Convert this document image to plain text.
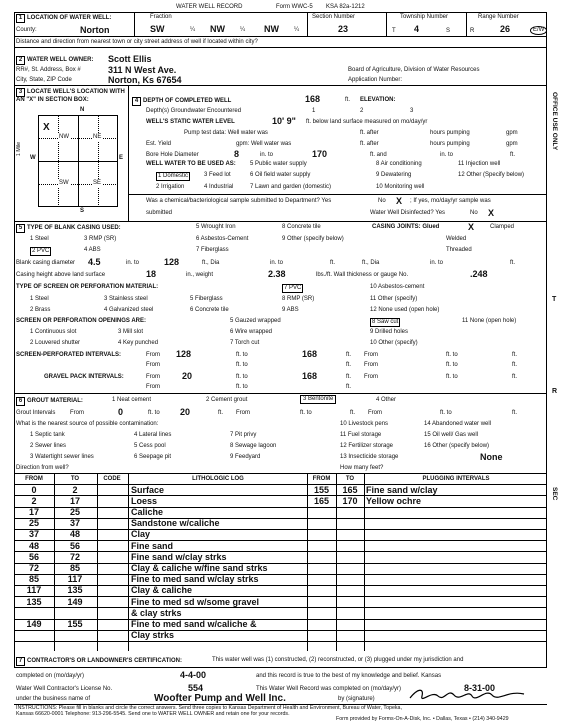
WATER WELL RECORD	Form WWC-5 KSA 82a-1212
1 LOCATION OF WATER WELL:
County:	Norton
Fraction
SW	¼ NW	¼ NW	¼
Section Number
23
Township Number
T 4	S
Range Number
R	26	E/W
Distance and direction from nearest town or city street address of well if located within city?
2 WATER WELL OWNER: Scott Ellis
RR#, St. Address, Box #	311 N West Ave.
City, State, ZIP Code	Norton, Ks 67654
Board of Agriculture, Division of Water Resources
Application Number:
3 LOCATE WELL'S LOCATION WITH AN "X" IN SECTION BOX:
N
S
W	E
1 Mile
NW	NE
SW	SE
X
4 DEPTH OF COMPLETED WELL	168	ft. ELEVATION:
Depth(s) Groundwater Encountered	1	2	3
WELL'S STATIC WATER LEVEL	10' 9" ft. below land surface measured on mo/day/yr
Pump test data: Well water was	ft. after	hours pumping	gpm
Est. Yield	gpm: Well water was	ft. after	hours pumping	gpm
Bore Hole Diameter	8	in. to	170	ft. and	in. to	ft.
WELL WATER TO BE USED AS: 5 Public water supply	8 Air conditioning	11 Injection well
1 Domestic	3 Feed lot	6 Oil field water supply	9 Dewatering	12 Other (Specify below)
2 Irrigation	4 Industrial	7 Lawn and garden (domestic)	10 Monitoring well
Was a chemical/bacteriological sample submitted to Department? Yes	No X ; If yes, mo/day/yr sample was
submitted	Water Well Disinfected? Yes	No X
5 TYPE OF BLANK CASING USED:
1 Steel	3 RMP (SR)
5 Wrought Iron	8 Concrete tile
2 PVC	4 ABS
6 Asbestos-Cement	9 Other (specify below)
7 Fiberglass
CASING JOINTS: Glued	X	Clamped
Welded
Threaded
Blank casing diameter 4.5	in. to	128	ft., Dia	in. to	ft.	ft., Dia	in. to	ft.
Casing height above land surface	18	in., weight	2.38	lbs./ft. Wall thickness or gauge No.	.248
TYPE OF SCREEN OR PERFORATION MATERIAL:
1 Steel	3 Stainless steel	5 Fiberglass
7 PVC	10 Asbestos-cement
2 Brass	4 Galvanized steel	6 Concrete tile
8 RMP (SR)	11 Other (specify)
9 ABS	12 None used (open hole)
SCREEN OR PERFORATION OPENINGS ARE:
1 Continuous slot	3 Mill slot
5 Gauzed wrapped	8 Saw cut	11 None (open hole)
2 Louvered shutter	4 Key punched
6 Wire wrapped	9 Drilled holes
7 Torch cut	10 Other (specify)
SCREEN-PERFORATED INTERVALS:	From 128	ft. to	168	ft. From	ft. to	ft.
From	ft. to	ft. From	ft. to	ft.
GRAVEL PACK INTERVALS:	From 20	ft. to	168	ft. From	ft. to	ft.
From	ft. to	ft.
6 GROUT MATERIAL:	1 Neat cement	2 Cement grout	3 Bentonite	4 Other
Grout Intervals From	0	ft. to 20	ft. From	ft. to	ft. From	ft. to	ft.
What is the nearest source of possible contamination:
1 Septic tank	4 Lateral lines	7 Pit privy
10 Livestock pens	14 Abandoned water well
2 Sewer lines	5 Cess pool	8 Sewage lagoon
11 Fuel storage	15 Oil well/ Gas well
3 Watertight sewer lines	6 Seepage pit	9 Feedyard
12 Fertilizer storage	16 Other (specify below)
13 Insecticide storage	None
Direction from well?	How many feet?
FROM	TO	CODE	LITHOLOGIC LOG	FROM	TO	PLUGGING INTERVALS
0	2	Surface	155	165 Fine sand w/clay
2	17	Loess	165	170 Yellow ochre
17	25	Caliche
25	37	Sandstone w/caliche
37	48	Clay
48	56	Fine sand
56	72	Fine sand w/clay strks
72	85	Clay & caliche w/fine sand strks
85	117	Fine to med sand w/clay strks
117	135	Clay & caliche
135	149	Fine to med sd w/some gravel
& clay strks
149	155	Fine to med sand w/caliche &
Clay strks
7 CONTRACTOR'S OR LANDOWNER'S CERTIFICATION:	This water well was (1) constructed, (2) reconstructed, or (3) plugged under my jurisdiction and
completed on (mo/day/yr)	4-4-00	and this record is true to the best of my knowledge and belief. Kansas
Water Well Contractor's License No.	554	This Water Well Record was completed on (mo/day/yr)	8-31-00
under the business name of	Woofter Pump and Well Inc.	by (signature)
INSTRUCTIONS: Please fill in blanks and circle the correct answers. Send three copies to Kansas Department of Health and Environment, Bureau of Water, Topeka,
Kansas 66620-0001 Telephone: 913-296-5545. Send one to WATER WELL OWNER and retain one for your records.
Form provided by Forms-On-A-Disk, Inc. • Dallas, Texas • (214) 340-9429
OFFICE USE ONLY
T
R
SEC
